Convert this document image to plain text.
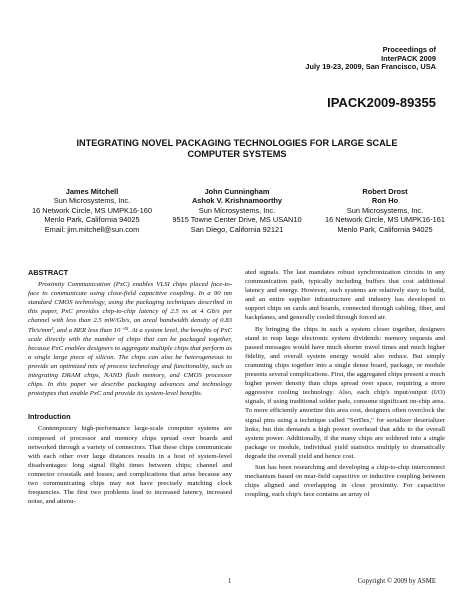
Proceedings of
InterPACK 2009
July 19-23, 2009, San Francisco, USA
IPACK2009-89355
INTEGRATING NOVEL PACKAGING TECHNOLOGIES FOR LARGE SCALE
COMPUTER SYSTEMS
James Mitchell
Sun Microsystems, Inc.
16 Network Circle, MS UMPK16-160
Menlo Park, California 94025
Email: jim.mitchell@sun.com
John Cunningham
Ashok V. Krishnamoorthy
Sun Microsystems, Inc.
9515 Towne Center Drive, MS USAN10
San Diego, California 92121
Robert Drost
Ron Ho
Sun Microsystems, Inc.
16 Network Circle, MS UMPK16-161
Menlo Park, California 94025
ABSTRACT

Proximity Communication (PxC) enables VLSI chips placed face-to-face to communicate using close-field capacitive coupling. In a 90 nm standard CMOS technology, using the packaging techniques described in this paper, PxC provides chip-to-chip latency of 2.5 ns at 4 Gb/s per channel with less than 2.5 mW/Gb/s, an areal bandwidth density of 0.83 Tb/s/mm², and a BER less than 10⁻¹⁵. At a system level, the benefits of PxC scale directly with the number of chips that can be packaged together, because PxC enables designers to aggregate multiple chips that perform as a single large piece of silicon. The chips can also be heterogeneous to provide an optimized mix of process technology and functionality, such as integrating DRAM chips, NAND flash memory, and CMOS processor chips. In this paper we describe packaging advances and technology prototypes that enable PxC and provide its system-level benefits.

Introduction

Contemporary high-performance large-scale computer systems are composed of processor and memory chips spread over boards and networked through a variety of connectors. That these chips communicate with each other over large distances results in a host of system-level disadvantages: long signal flight times between chips; channel and connector crosstalk and losses; and complications that arise because any two communicating chips may not have precisely matching clock frequencies. The first two problems lead to increased latency, increased noise, and attenu-

ated signals. The last mandates robust synchronization circuits in any communication path, typically including buffers that cost additional latency and energy. However, such systems are relatively easy to build, and an entire supplier infrastructure and industry has developed to support chips on cards and boards, connected through cabling, fiber, and backplanes, and generally cooled through forced air.

By bringing the chips in such a system closer together, designers stand to reap large electronic system dividends: memory requests and passed messages would have much shorter travel times and much higher fidelity, and overall system energy would also reduce. But simply cramming chips together into a single dense board, package, or module presents several complications. First, the aggregated chips present a much higher power density than chips spread over space, requiring a more aggressive cooling technology. Also, each chip's input/output (I/O) signals, if using traditional solder pads, consume significant on-chip area. To more efficiently amortize this area cost, designers often overclock the signal pins using a technique called "SerDes," for serializer deserializer links; but this demands a high power overhead that adds to the overall system power. Additionally, if the many chips are soldered into a single package or module, individual yield statistics multiply to dramatically degrade the overall yield and hence cost.

Sun has been researching and developing a chip-to-chip interconnect mechanism based on near-field capacitive or inductive coupling between chips aligned and overlapping in close proximity. For capacitive coupling, each chip's face contains an array of

1	Copyright © 2009 by ASME
